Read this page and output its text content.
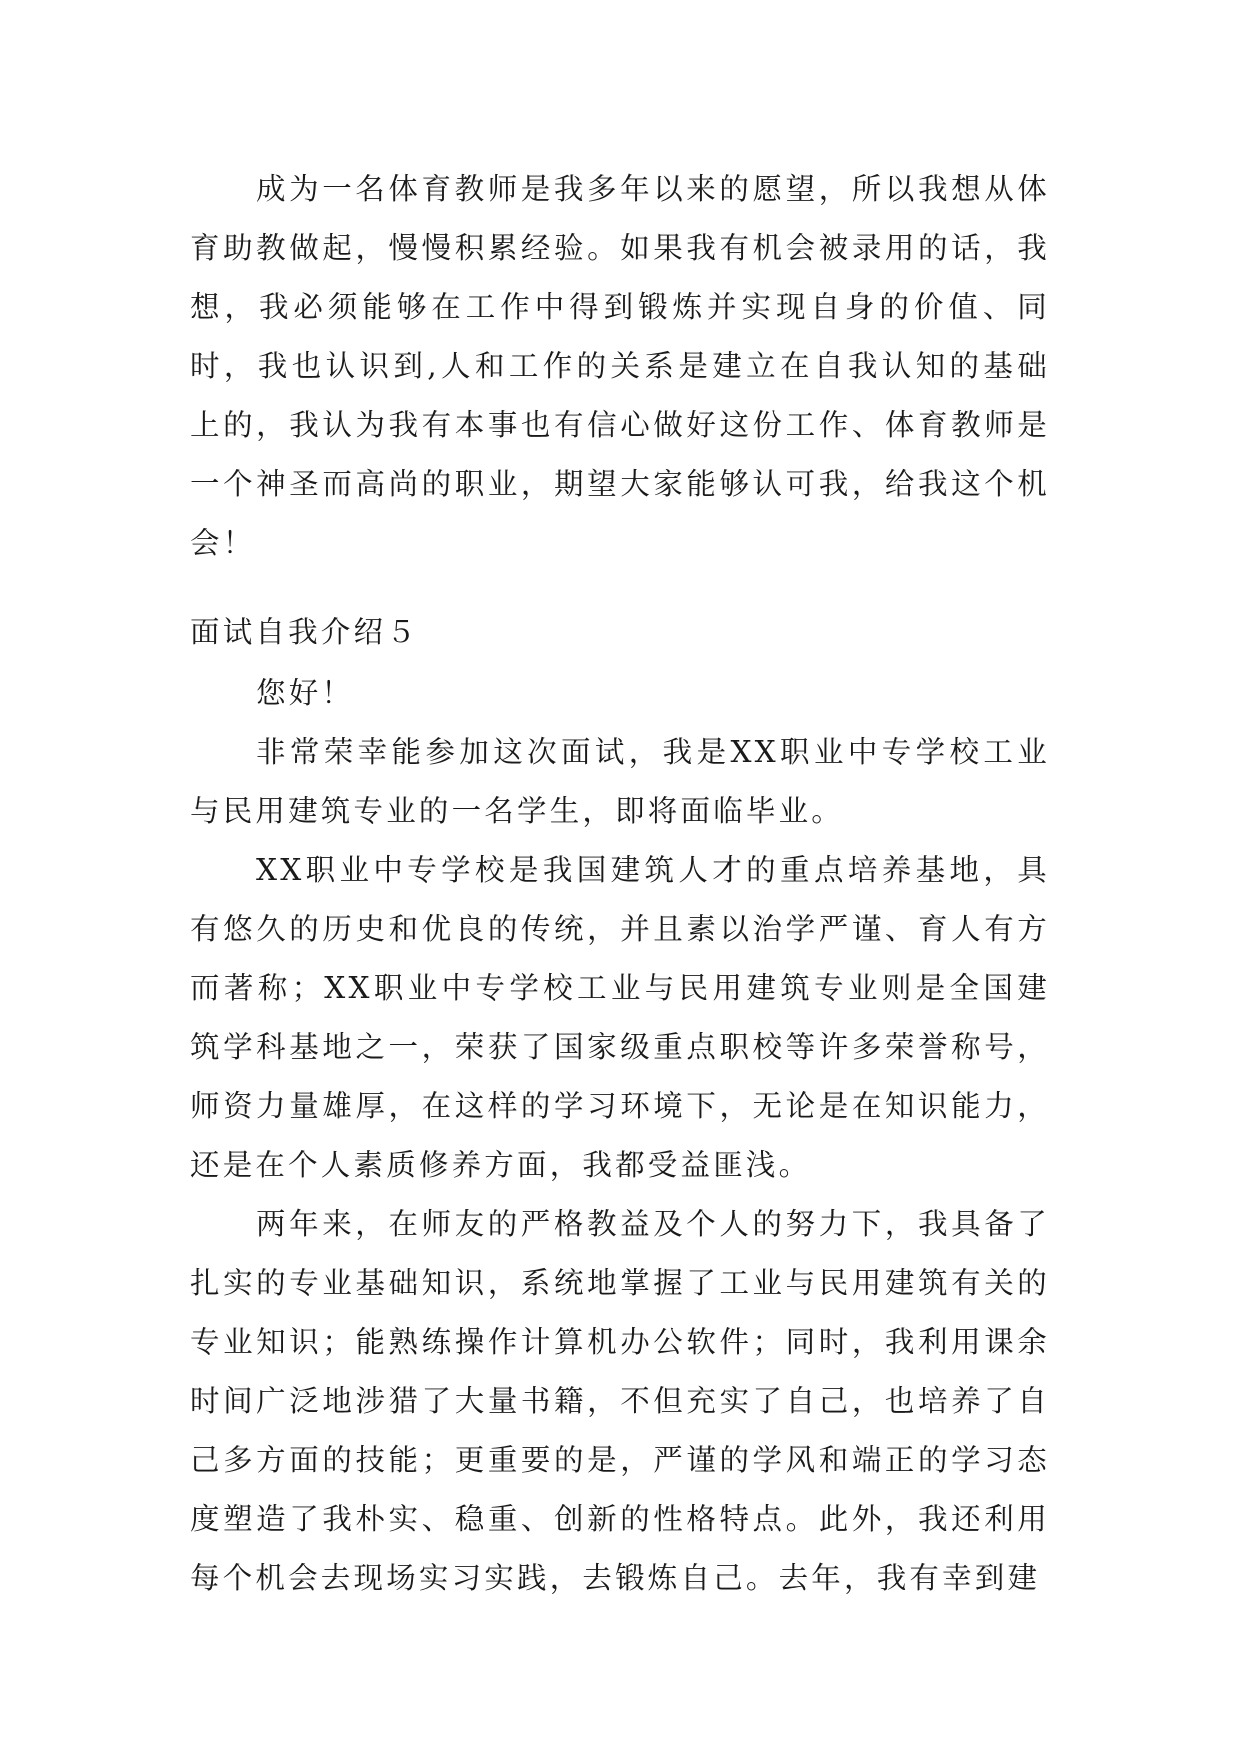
成为一名体育教师是我多年以来的愿望，所以我想从体育助教做起，慢慢积累经验。如果我有机会被录用的话，我想，我必须能够在工作中得到锻炼并实现自身的价值、同时，我也认识到,人和工作的关系是建立在自我认知的基础上的，我认为我有本事也有信心做好这份工作、体育教师是一个神圣而高尚的职业，期望大家能够认可我，给我这个机会！

面试自我介绍５

您好！

非常荣幸能参加这次面试，我是XX职业中专学校工业与民用建筑专业的一名学生，即将面临毕业。

XX职业中专学校是我国建筑人才的重点培养基地，具有悠久的历史和优良的传统，并且素以治学严谨、育人有方而著称；XX职业中专学校工业与民用建筑专业则是全国建筑学科基地之一，荣获了国家级重点职校等许多荣誉称号，师资力量雄厚，在这样的学习环境下，无论是在知识能力，还是在个人素质修养方面，我都受益匪浅。

两年来，在师友的严格教益及个人的努力下，我具备了扎实的专业基础知识，系统地掌握了工业与民用建筑有关的专业知识；能熟练操作计算机办公软件；同时，我利用课余时间广泛地涉猎了大量书籍，不但充实了自己，也培养了自己多方面的技能；更重要的是，严谨的学风和端正的学习态度塑造了我朴实、稳重、创新的性格特点。此外，我还利用每个机会去现场实习实践，去锻炼自己。去年，我有幸到建
